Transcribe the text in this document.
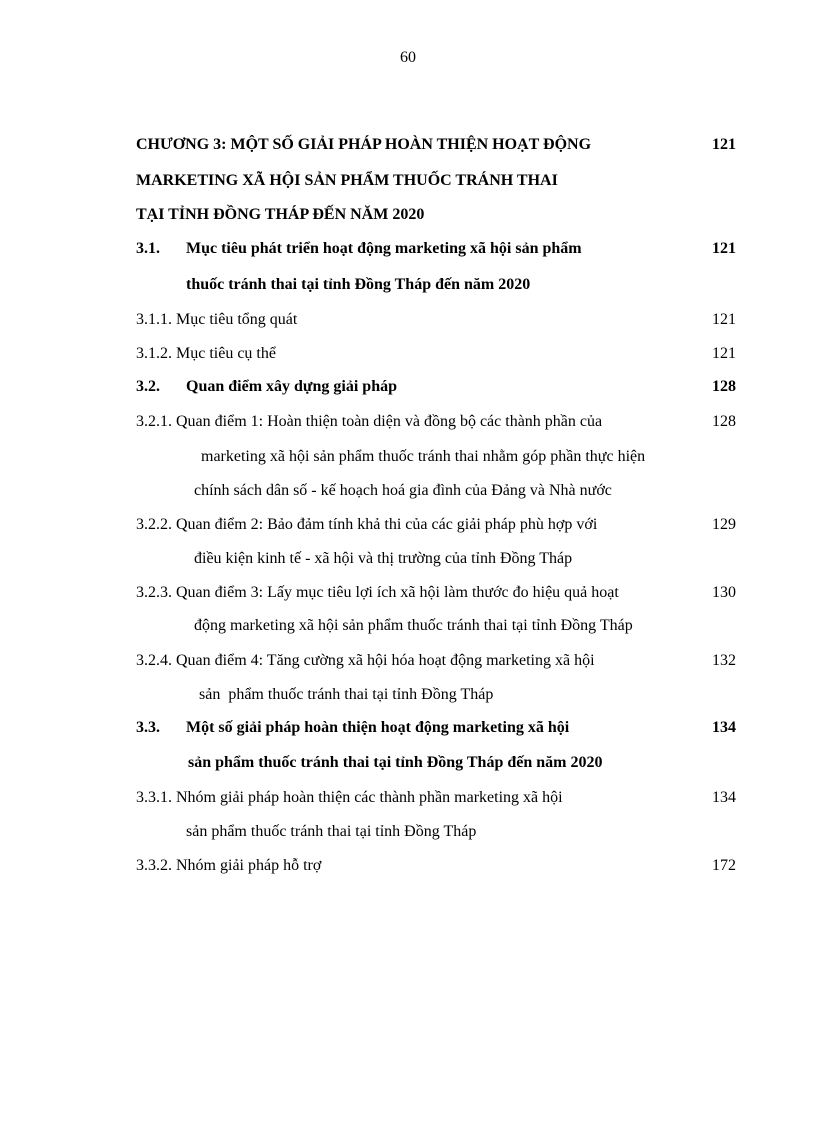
60
CHƯƠNG 3: MỘT SỐ GIẢI PHÁP HOÀN THIỆN HOẠT ĐỘNG	121
MARKETING XÃ HỘI SẢN PHẨM THUỐC TRÁNH THAI
TẠI TỈNH ĐỒNG THÁP ĐẾN NĂM 2020
3.1. Mục tiêu phát triển hoạt động marketing xã hội sản phẩm	121
thuốc tránh thai tại tỉnh Đồng Tháp đến năm 2020
3.1.1. Mục tiêu tổng quát	121
3.1.2. Mục tiêu cụ thể	121
3.2. Quan điểm xây dựng giải pháp	128
3.2.1. Quan điểm 1: Hoàn thiện toàn diện và đồng bộ các thành phần của	128
marketing xã hội sản phẩm thuốc tránh thai nhằm góp phần thực hiện
chính sách dân số - kế hoạch hoá gia đình của Đảng và Nhà nước
3.2.2. Quan điểm 2: Bảo đảm tính khả thi của các giải pháp phù hợp với	129
điều kiện kinh tế - xã hội và thị trường của tỉnh Đồng Tháp
3.2.3. Quan điểm 3: Lấy mục tiêu lợi ích xã hội làm thước đo hiệu quả hoạt	130
động marketing xã hội sản phẩm thuốc tránh thai tại tỉnh Đồng Tháp
3.2.4. Quan điểm 4: Tăng cường xã hội hóa hoạt động marketing xã hội	132
sản  phẩm thuốc tránh thai tại tỉnh Đồng Tháp
3.3. Một số giải pháp hoàn thiện hoạt động marketing xã hội	134
sản phẩm thuốc tránh thai tại tỉnh Đồng Tháp đến năm 2020
3.3.1. Nhóm giải pháp hoàn thiện các thành phần marketing xã hội	134
sản phẩm thuốc tránh thai tại tỉnh Đồng Tháp
3.3.2. Nhóm giải pháp hỗ trợ	172
